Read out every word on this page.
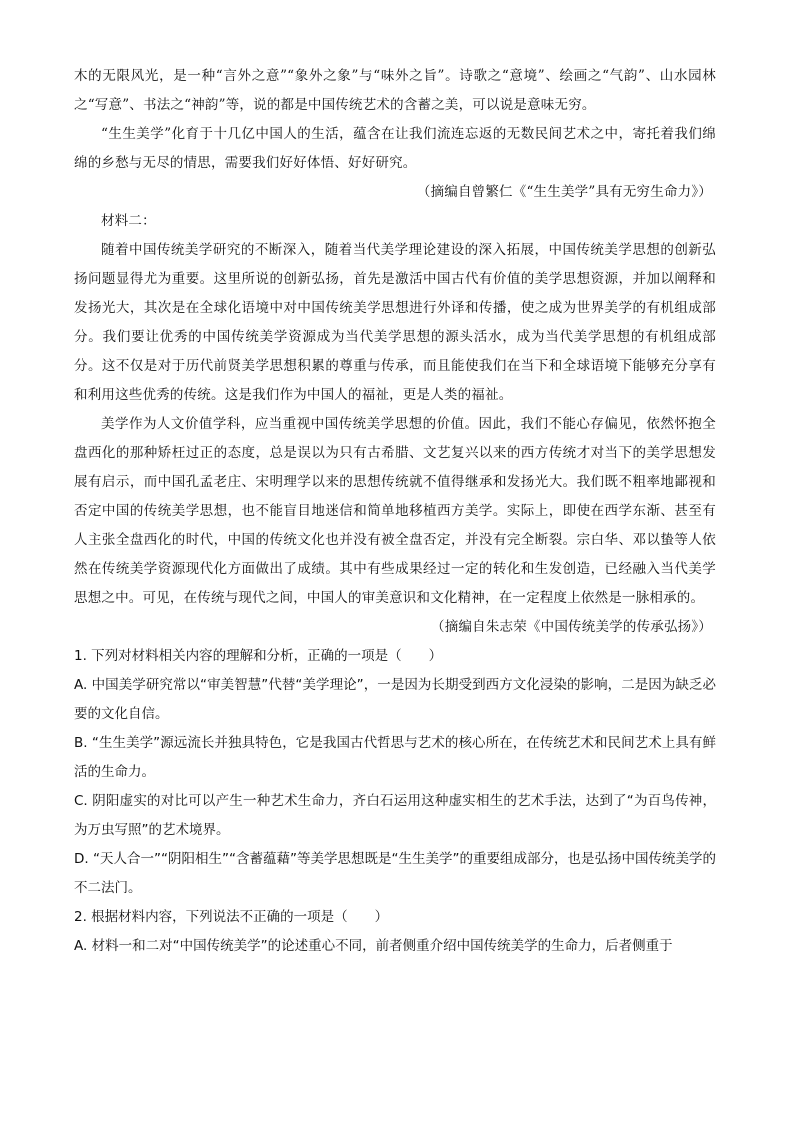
木的无限风光，是一种“言外之意”“象外之象”与“味外之旨”。诗歌之“意境”、绘画之“气韵”、山水园林之“写意”、书法之“神韵”等，说的都是中国传统艺术的含蓄之美，可以说是意味无穷。

“生生美学”化育于十几亿中国人的生活，蕴含在让我们流连忘返的无数民间艺术之中，寄托着我们绵绵的乡愁与无尽的情思，需要我们好好体悟、好好研究。

（摘编自曾繁仁《“生生美学”具有无穷生命力》）

材料二：

随着中国传统美学研究的不断深入，随着当代美学理论建设的深入拓展，中国传统美学思想的创新弘扬问题显得尤为重要。这里所说的创新弘扬，首先是激活中国古代有价值的美学思想资源，并加以阐释和发扬光大，其次是在全球化语境中对中国传统美学思想进行外译和传播，使之成为世界美学的有机组成部分。我们要让优秀的中国传统美学资源成为当代美学思想的源头活水，成为当代美学思想的有机组成部分。这不仅是对于历代前贤美学思想积累的尊重与传承，而且能使我们在当下和全球语境下能够充分享有和利用这些优秀的传统。这是我们作为中国人的福祉，更是人类的福祉。

美学作为人文价值学科，应当重视中国传统美学思想的价值。因此，我们不能心存偏见，依然怀抱全盘西化的那种矫枉过正的态度，总是误以为只有古希腊、文艺复兴以来的西方传统才对当下的美学思想发展有启示，而中国孔孟老庄、宋明理学以来的思想传统就不值得继承和发扬光大。我们既不粗率地鄙视和否定中国的传统美学思想，也不能盲目地迷信和简单地移植西方美学。实际上，即使在西学东渐、甚至有人主张全盘西化的时代，中国的传统文化也并没有被全盘否定，并没有完全断裂。宗白华、邓以蛰等人依然在传统美学资源现代化方面做出了成绩。其中有些成果经过一定的转化和生发创造，已经融入当代美学思想之中。可见，在传统与现代之间，中国人的审美意识和文化精神，在一定程度上依然是一脉相承的。

（摘编自朱志荣《中国传统美学的传承弘扬》）

1. 下列对材料相关内容的理解和分析，正确的一项是（　　）

A. 中国美学研究常以“审美智慧”代替“美学理论”，一是因为长期受到西方文化浸染的影响，二是因为缺乏必要的文化自信。

B. “生生美学”源远流长并独具特色，它是我国古代哲思与艺术的核心所在，在传统艺术和民间艺术上具有鲜活的生命力。

C. 阴阳虚实的对比可以产生一种艺术生命力，齐白石运用这种虚实相生的艺术手法，达到了“为百鸟传神，为万虫写照”的艺术境界。

D. “天人合一”“阴阳相生”“含蓄蕴藉”等美学思想既是“生生美学”的重要组成部分，也是弘扬中国传统美学的不二法门。

2. 根据材料内容，下列说法不正确的一项是（　　）

A. 材料一和二对“中国传统美学”的论述重心不同，前者侧重介绍中国传统美学的生命力，后者侧重于
